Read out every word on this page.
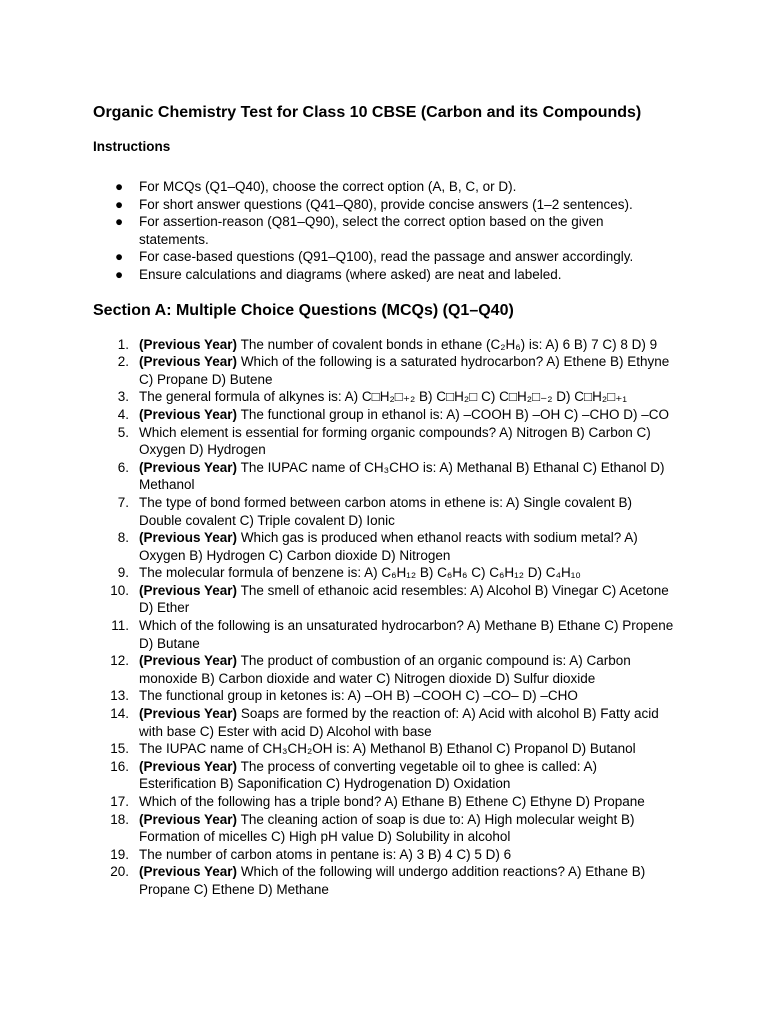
Organic Chemistry Test for Class 10 CBSE (Carbon and its Compounds)
Instructions
● For MCQs (Q1–Q40), choose the correct option (A, B, C, or D).
● For short answer questions (Q41–Q80), provide concise answers (1–2 sentences).
● For assertion-reason (Q81–Q90), select the correct option based on the given statements.
● For case-based questions (Q91–Q100), read the passage and answer accordingly.
● Ensure calculations and diagrams (where asked) are neat and labeled.
Section A: Multiple Choice Questions (MCQs) (Q1–Q40)
1. (Previous Year) The number of covalent bonds in ethane (C₂H₆) is: A) 6 B) 7 C) 8 D) 9
2. (Previous Year) Which of the following is a saturated hydrocarbon? A) Ethene B) Ethyne C) Propane D) Butene
3. The general formula of alkynes is: A) C□H₂□₊₂ B) C□H₂□ C) C□H₂□₋₂ D) C□H₂□₊₁
4. (Previous Year) The functional group in ethanol is: A) –COOH B) –OH C) –CHO D) –CO
5. Which element is essential for forming organic compounds? A) Nitrogen B) Carbon C) Oxygen D) Hydrogen
6. (Previous Year) The IUPAC name of CH₃CHO is: A) Methanal B) Ethanal C) Ethanol D) Methanol
7. The type of bond formed between carbon atoms in ethene is: A) Single covalent B) Double covalent C) Triple covalent D) Ionic
8. (Previous Year) Which gas is produced when ethanol reacts with sodium metal? A) Oxygen B) Hydrogen C) Carbon dioxide D) Nitrogen
9. The molecular formula of benzene is: A) C₆H₁₂ B) C₆H₆ C) C₆H₁₂ D) C₄H₁₀
10. (Previous Year) The smell of ethanoic acid resembles: A) Alcohol B) Vinegar C) Acetone D) Ether
11. Which of the following is an unsaturated hydrocarbon? A) Methane B) Ethane C) Propene D) Butane
12. (Previous Year) The product of combustion of an organic compound is: A) Carbon monoxide B) Carbon dioxide and water C) Nitrogen dioxide D) Sulfur dioxide
13. The functional group in ketones is: A) –OH B) –COOH C) –CO– D) –CHO
14. (Previous Year) Soaps are formed by the reaction of: A) Acid with alcohol B) Fatty acid with base C) Ester with acid D) Alcohol with base
15. The IUPAC name of CH₃CH₂OH is: A) Methanol B) Ethanol C) Propanol D) Butanol
16. (Previous Year) The process of converting vegetable oil to ghee is called: A) Esterification B) Saponification C) Hydrogenation D) Oxidation
17. Which of the following has a triple bond? A) Ethane B) Ethene C) Ethyne D) Propane
18. (Previous Year) The cleaning action of soap is due to: A) High molecular weight B) Formation of micelles C) High pH value D) Solubility in alcohol
19. The number of carbon atoms in pentane is: A) 3 B) 4 C) 5 D) 6
20. (Previous Year) Which of the following will undergo addition reactions? A) Ethane B) Propane C) Ethene D) Methane
